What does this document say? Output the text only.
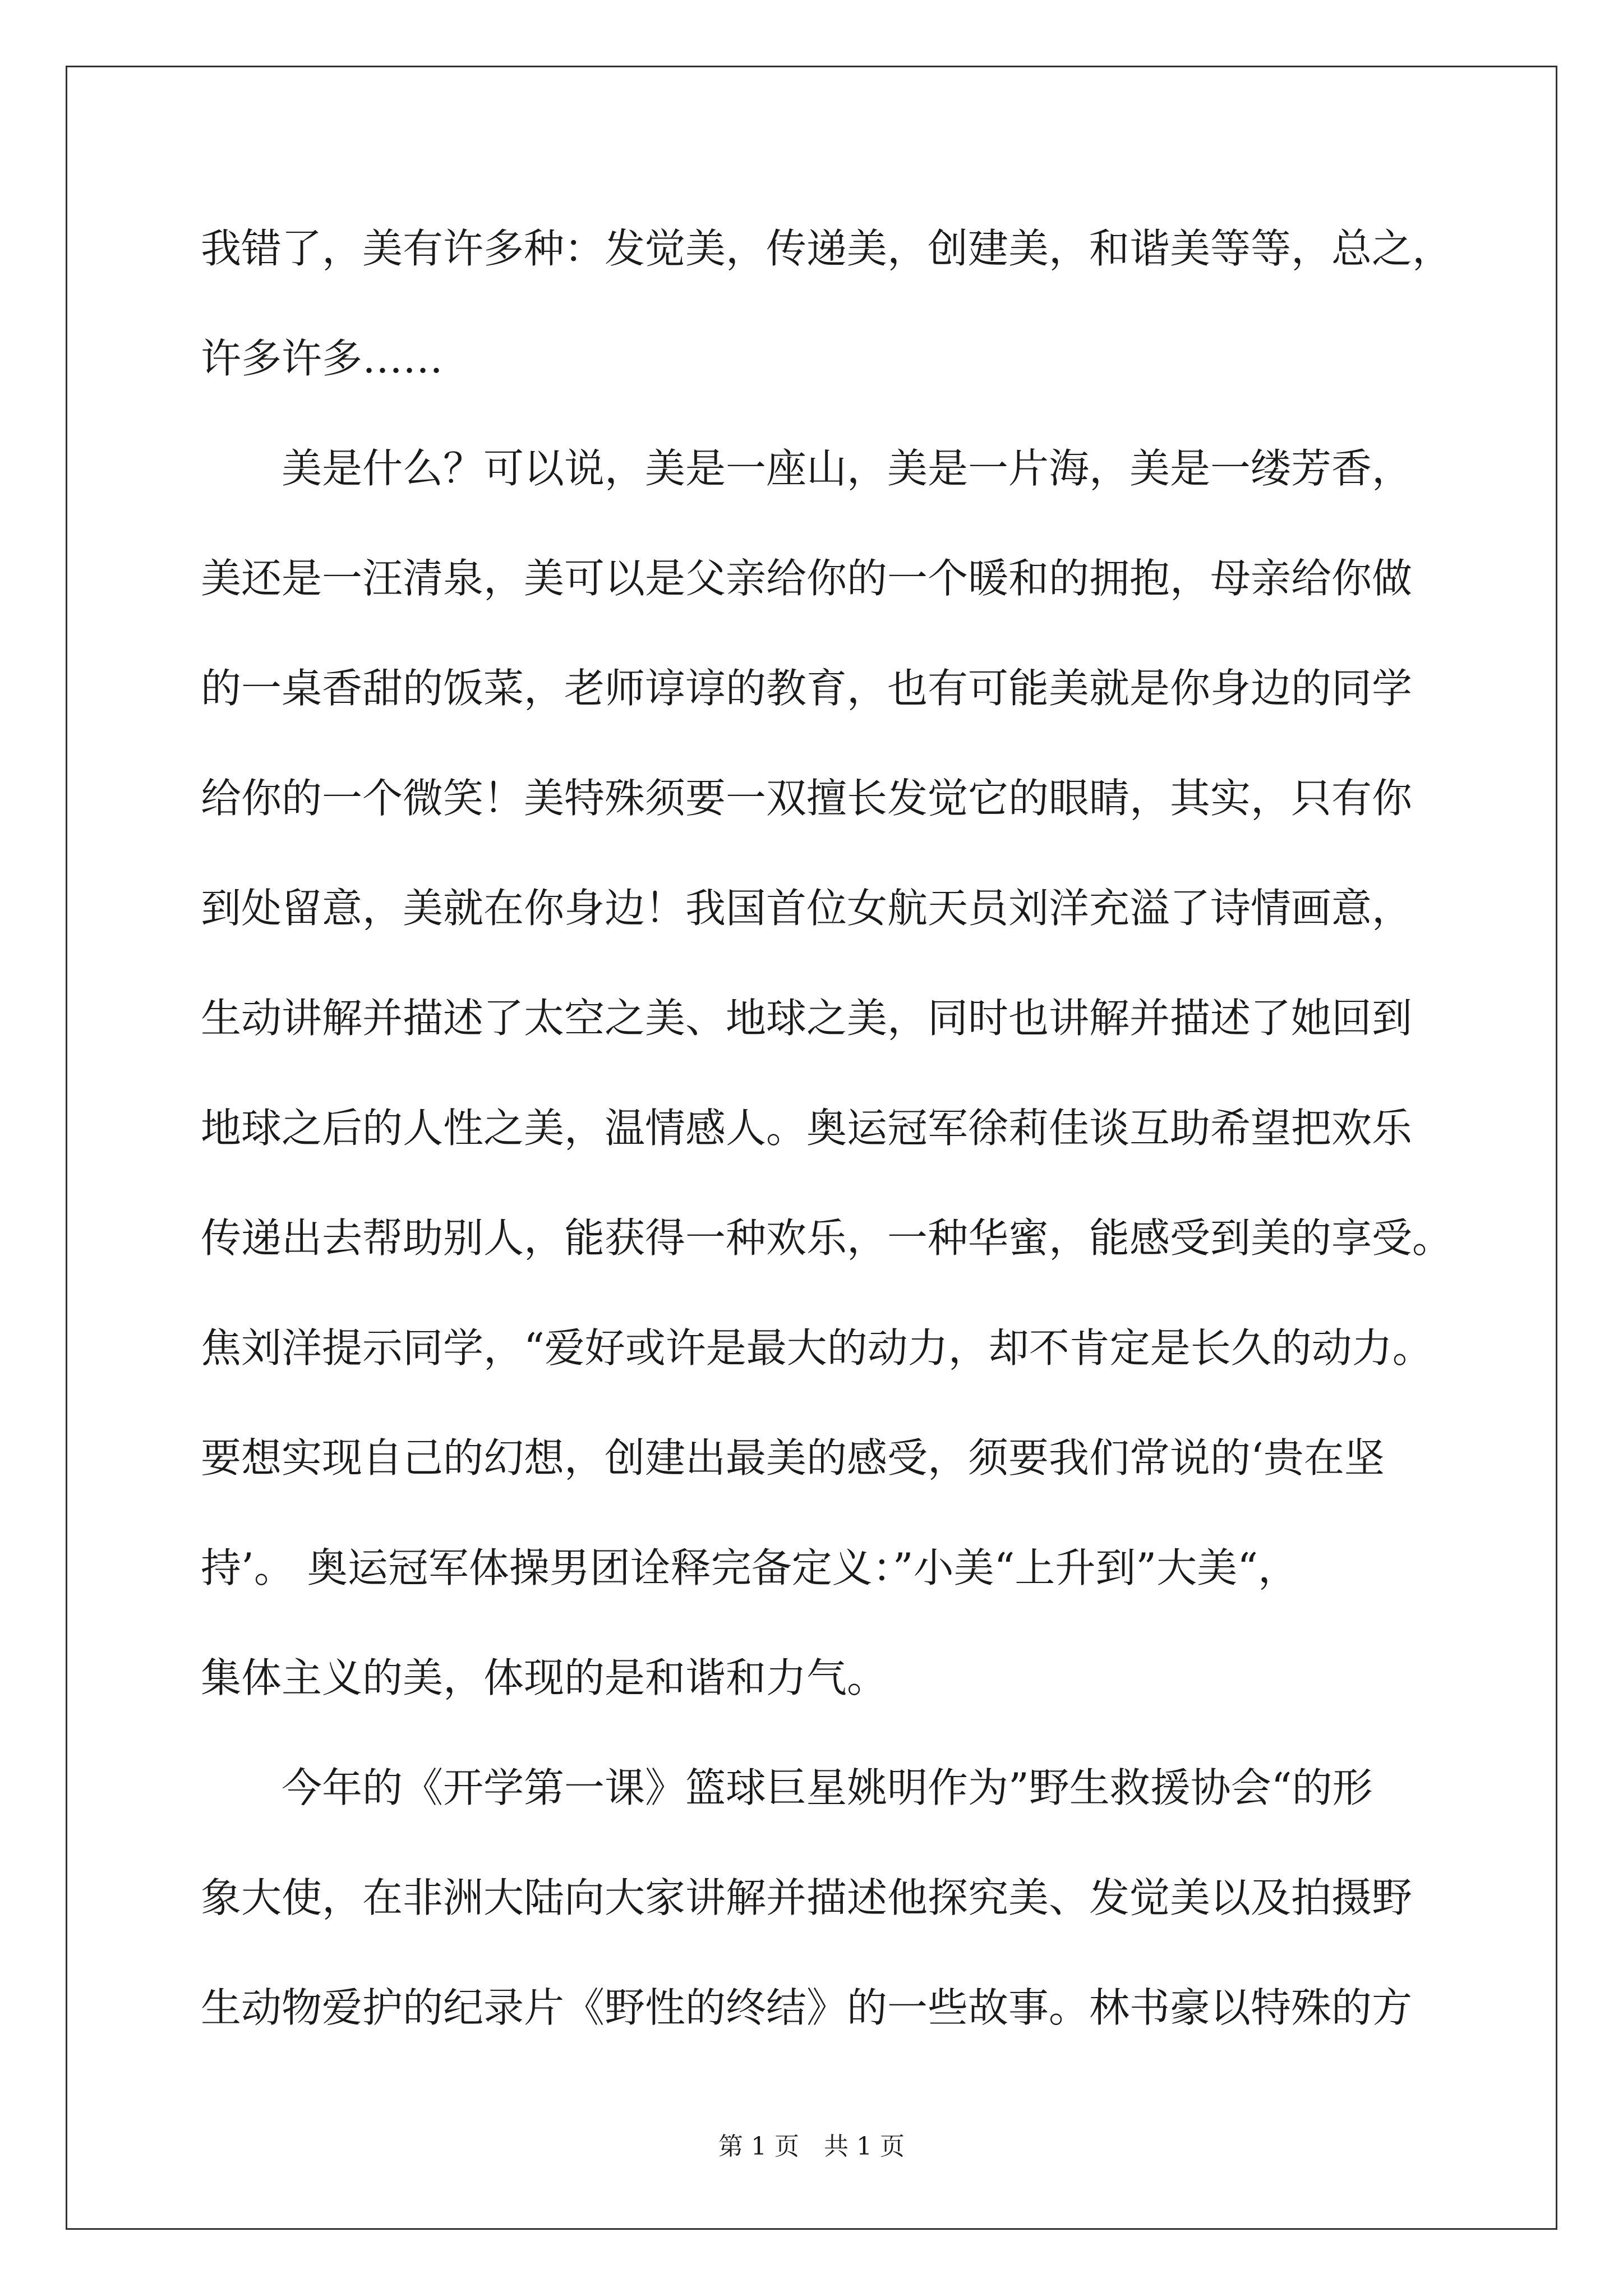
我错了，美有许多种：发觉美，传递美，创建美，和谐美等等，总之，
许多许多……

美是什么？可以说，美是一座山，美是一片海，美是一缕芳香，
美还是一汪清泉，美可以是父亲给你的一个暖和的拥抱，母亲给你做
的一桌香甜的饭菜，老师谆谆的教育，也有可能美就是你身边的同学
给你的一个微笑！美特殊须要一双擅长发觉它的眼睛，其实，只有你
到处留意，美就在你身边！我国首位女航天员刘洋充溢了诗情画意，
生动讲解并描述了太空之美、地球之美，同时也讲解并描述了她回到
地球之后的人性之美，温情感人。奥运冠军徐莉佳谈互助希望把欢乐
传递出去帮助别人，能获得一种欢乐，一种华蜜，能感受到美的享受。
焦刘洋提示同学，“爱好或许是最大的动力，却不肯定是长久的动力。
要想实现自己的幻想，创建出最美的感受，须要我们常说的‘贵在坚
持’。 奥运冠军体操男团诠释完备定义：”小美“上升到”大美“，
集体主义的美，体现的是和谐和力气。

今年的《开学第一课》篮球巨星姚明作为”野生救援协会“的形
象大使，在非洲大陆向大家讲解并描述他探究美、发觉美以及拍摄野
生动物爱护的纪录片《野性的终结》的一些故事。林书豪以特殊的方

第 1 页　共 1 页
